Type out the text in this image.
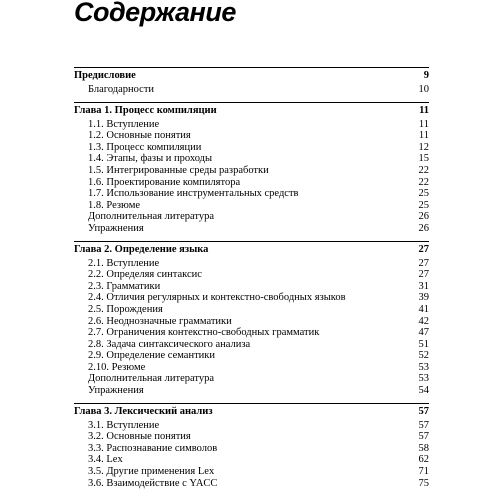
Содержание
Предисловие	9
Благодарности	10
Глава 1. Процесс компиляции	11
1.1. Вступление	11
1.2. Основные понятия	11
1.3. Процесс компиляции	12
1.4. Этапы, фазы и проходы	15
1.5. Интегрированные среды разработки	22
1.6. Проектирование компилятора	22
1.7. Использование инструментальных средств	25
1.8. Резюме	25
Дополнительная литература	26
Упражнения	26
Глава 2. Определение языка	27
2.1. Вступление	27
2.2. Определяя синтаксис	27
2.3. Грамматики	31
2.4. Отличия регулярных и контекстно-свободных языков	39
2.5. Порождения	41
2.6. Неоднозначные грамматики	42
2.7. Ограничения контекстно-свободных грамматик	47
2.8. Задача синтаксического анализа	51
2.9. Определение семантики	52
2.10. Резюме	53
Дополнительная литература	53
Упражнения	54
Глава 3. Лексический анализ	57
3.1. Вступление	57
3.2. Основные понятия	57
3.3. Распознавание символов	58
3.4. Lex	62
3.5. Другие применения Lex	71
3.6. Взаимодействие с YACC	75
